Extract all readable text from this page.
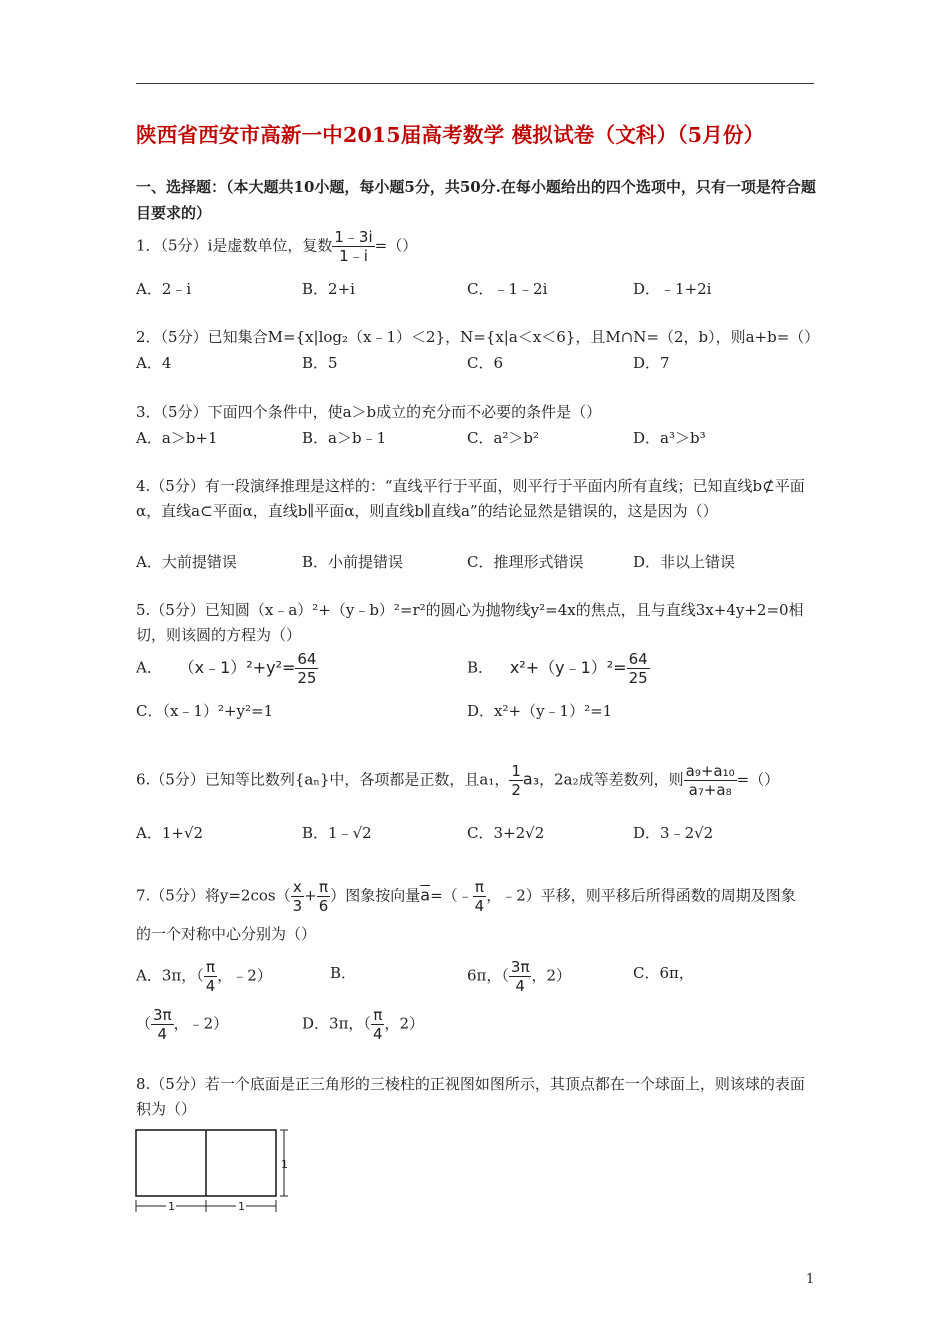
陕西省西安市高新一中2015届高考数学 模拟试卷（文科）（5月份）
一、选择题：（本大题共10小题，每小题5分，共50分.在每小题给出的四个选项中，只有一项是符合题目要求的）
1．（5分）i是虚数单位，复数 $\frac{1﹣3i}{1﹣i}$ =（）
A．2﹣i	B．2+i	C．﹣1﹣2i	D．﹣1+2i
2．（5分）已知集合M={x|log₂（x﹣1）＜2}，N={x|a＜x＜6}，且M∩N=（2，b），则a+b=（）
A．4	B．5	C．6	D．7
3．（5分）下面四个条件中，使a＞b成立的充分而不必要的条件是（）
A．a＞b+1	B．a＞b﹣1	C．a²＞b²	D．a³＞b³
4.（5分）有一段演绎推理是这样的：“直线平行于平面，则平行于平面内所有直线；已知直线b⊄平面α，直线a⊂平面α，直线b∥平面α，则直线b∥直线a”的结论显然是错误的，这是因为（）
A．大前提错误	B．小前提错误	C．推理形式错误	D．非以上错误
5.（5分）已知圆（x﹣a）²+（y﹣b）²=r²的圆心为抛物线y²=4x的焦点，且与直线3x+4y+2=0相切，则该圆的方程为（）
A． （x﹣1）²+y²= $\frac{64}{25}$	B． x²+（y﹣1）²= $\frac{64}{25}$
C．（x﹣1）²+y²=1	D．x²+（y﹣1）²=1
6.（5分）已知等比数列{aₙ}中，各项都是正数，且a₁， $\frac{1}{2} a_3$，2a₂成等差数列，则 $\frac{\text{a₉+a₁₀}}{\text{a₇+a₈}}$ =（）
A．1+√2	B．1﹣√2	C．3+2√2	D．3﹣2√2
7.（5分）将$y=2\cos( \frac{x}{3} + \frac{\pi}{6}$ ）图象按向量$\overline{a}=(﹣ \frac{\pi}{4}$ ，﹣2）平移，则平移后所得函数的周期及图象
的一个对称中心分别为（）
A．3π，（ $\frac{\pi}{4}$ ，﹣2）	B．	6π，（ $\frac{3\pi}{4}$ ，2）	C．6π，
（ $\frac{3\pi}{4}$ ，﹣2）	D．3π，（ $\frac{\pi}{4}$ ，2）
8.（5分）若一个底面是正三角形的三棱柱的正视图如图所示，其顶点都在一个球面上，则该球的表面积为（）
1
1	1
1
